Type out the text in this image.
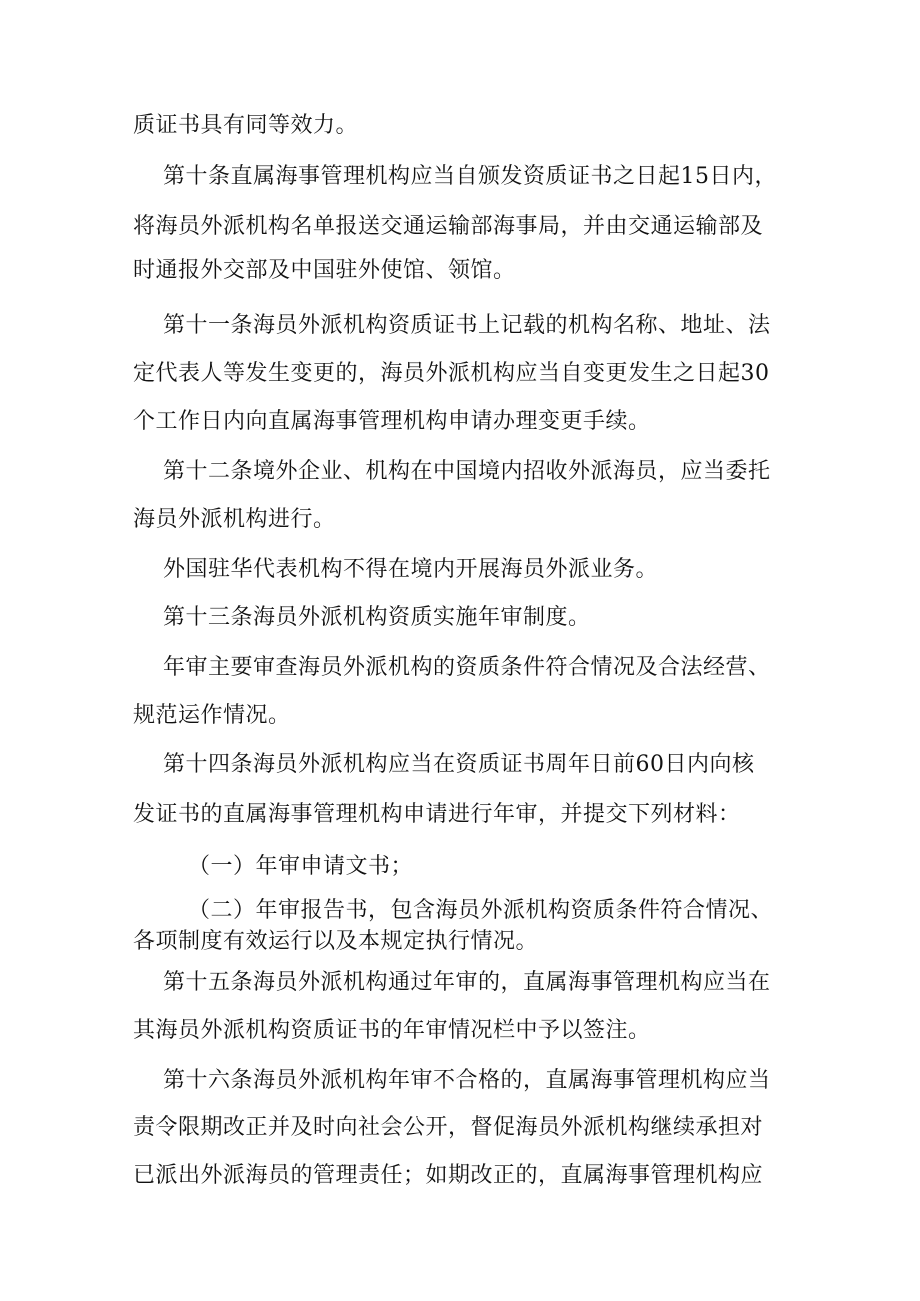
质证书具有同等效力。

第十条直属海事管理机构应当自颁发资质证书之日起15日内，

将海员外派机构名单报送交通运输部海事局，并由交通运输部及

时通报外交部及中国驻外使馆、领馆。

第十一条海员外派机构资质证书上记载的机构名称、地址、法

定代表人等发生变更的，海员外派机构应当自变更发生之日起30

个工作日内向直属海事管理机构申请办理变更手续。

第十二条境外企业、机构在中国境内招收外派海员，应当委托

海员外派机构进行。

外国驻华代表机构不得在境内开展海员外派业务。

第十三条海员外派机构资质实施年审制度。

年审主要审查海员外派机构的资质条件符合情况及合法经营、

规范运作情况。

第十四条海员外派机构应当在资质证书周年日前60日内向核

发证书的直属海事管理机构申请进行年审，并提交下列材料：

（一）年审申请文书；

（二）年审报告书，包含海员外派机构资质条件符合情况、

各项制度有效运行以及本规定执行情况。

第十五条海员外派机构通过年审的，直属海事管理机构应当在

其海员外派机构资质证书的年审情况栏中予以签注。

第十六条海员外派机构年审不合格的，直属海事管理机构应当

责令限期改正并及时向社会公开，督促海员外派机构继续承担对

已派出外派海员的管理责任；如期改正的，直属海事管理机构应
